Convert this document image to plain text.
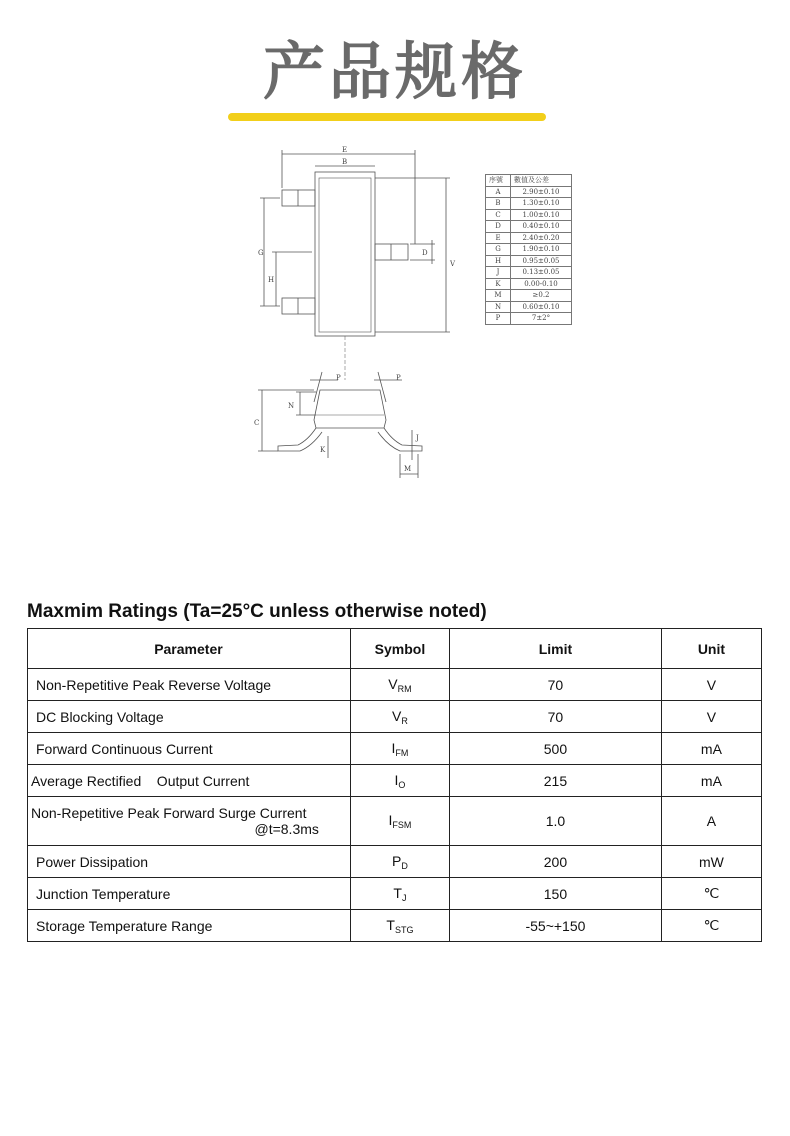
产品规格
E
B
G
H
D
V
P	P
N
C
K
J
M
序號	數值及公差
A	2.90±0.10
B	1.30±0.10
C	1.00±0.10
D	0.40±0.10
E	2.40±0.20
G	1.90±0.10
H	0.95±0.05
J	0.13±0.05
K	0.00-0.10
M	≥0.2
N	0.60±0.10
P	7±2°
Maxmim Ratings (Ta=25°C unless otherwise noted)
Parameter	Symbol	Limit	Unit
Non-Repetitive Peak Reverse Voltage	$V_{RM}$	70	V
DC Blocking Voltage	$V_R$	70	V
Forward Continuous Current	$I_{FM}$	500	mA
Average Rectified    Output Current	$I_O$	215	mA

Non-Repetitive Peak Forward Surge Current
@t=8.3ms	$I_{FSM}$	1.0	A
Power Dissipation	$P_D$	200	mW
Junction Temperature	$T_J$	150	℃
Storage Temperature Range	$T_{STG}$	-55~+150	℃
